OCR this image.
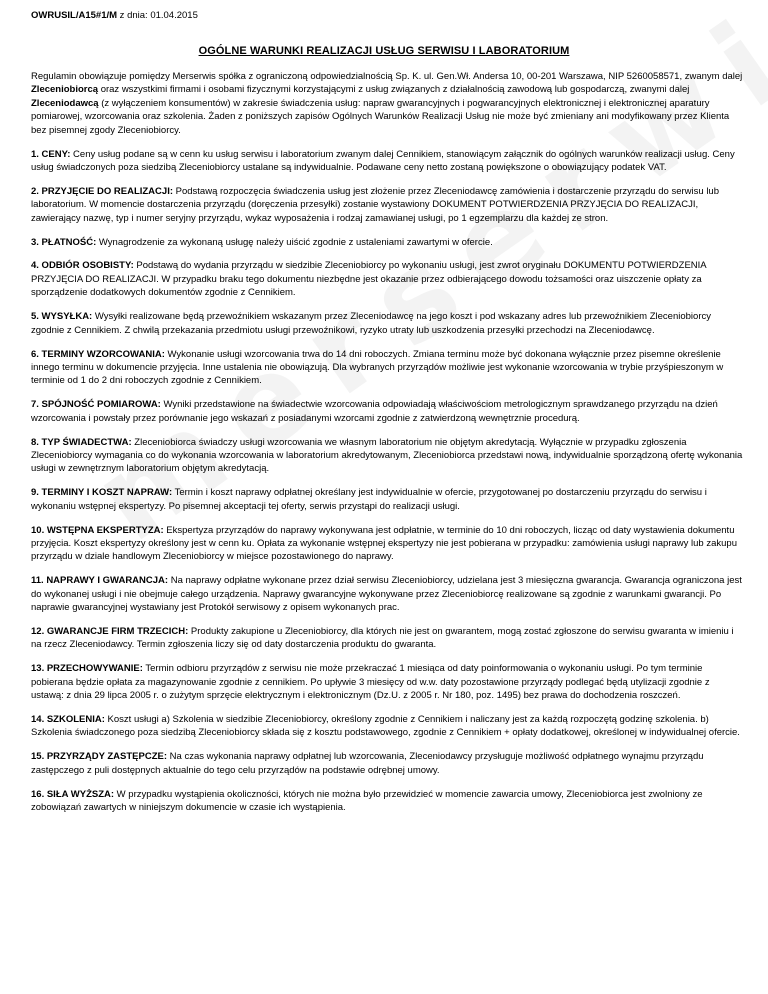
OWRUSIL/A15#1/M z dnia: 01.04.2015
OGÓLNE WARUNKI REALIZACJI USŁUG SERWISU I LABORATORIUM

Regulamin obowiązuje pomiędzy Merserwis spółka z ograniczoną odpowiedzialnością Sp. K. ul. Gen.Wł. Andersa 10, 00-201 Warszawa, NIP 5260058571, zwanym dalej Zleceniobiorcą oraz wszystkimi firmami i osobami fizycznymi korzystającymi z usług związanych z działalnością zawodową lub gospodarczą, zwanymi dalej Zleceniodawcą (z wyłączeniem konsumentów) w zakresie świadczenia usług: napraw gwarancyjnych i pogwarancyjnych elektronicznej i elektronicznej aparatury pomiarowej, wzorcowania oraz szkolenia. Żaden z poniższych zapisów Ogólnych Warunków Realizacji Usług nie może być zmieniany ani modyfikowany przez Klienta bez pisemnej zgody Zleceniobiorcy.

1. CENY: Ceny usług podane są w cenn ku usług serwisu i laboratorium zwanym dalej Cennikiem, stanowiącym załącznik do ogólnych warunków realizacji usług. Ceny usług świadczonych poza siedzibą Zleceniobiorcy ustalane są indywidualnie. Podawane ceny netto zostaną powiększone o obowiązujący podatek VAT.

2. PRZYJĘCIE DO REALIZACJI: Podstawą rozpoczęcia świadczenia usług jest złożenie przez Zleceniodawcę zamówienia i dostarczenie przyrządu do serwisu lub laboratorium. W momencie dostarczenia przyrządu (doręczenia przesyłki) zostanie wystawiony DOKUMENT POTWIERDZENIA PRZYJĘCIA DO REALIZACJI, zawierający nazwę, typ i numer seryjny przyrządu, wykaz wyposażenia i rodzaj zamawianej usługi, po 1 egzemplarzu dla każdej ze stron.

3. PŁATNOŚĆ: Wynagrodzenie za wykonaną usługę należy uiścić zgodnie z ustaleniami zawartymi w ofercie.

4. ODBIÓR OSOBISTY: Podstawą do wydania przyrządu w siedzibie Zleceniobiorcy po wykonaniu usługi, jest zwrot oryginału DOKUMENTU POTWIERDZENIA PRZYJĘCIA DO REALIZACJI. W przypadku braku tego dokumentu niezbędne jest okazanie przez odbierającego dowodu tożsamości oraz uiszczenie opłaty za sporządzenie dodatkowych dokumentów zgodnie z Cennikiem.

5. WYSYŁKA: Wysyłki realizowane będą przewoźnikiem wskazanym przez Zleceniodawcę na jego koszt i pod wskazany adres lub przewoźnikiem Zleceniobiorcy zgodnie z Cennikiem. Z chwilą przekazania przedmiotu usługi przewoźnikowi, ryzyko utraty lub uszkodzenia przesyłki przechodzi na Zleceniodawcę.

6. TERMINY WZORCOWANIA: Wykonanie usługi wzorcowania trwa do 14 dni roboczych. Zmiana terminu może być dokonana wyłącznie przez pisemne określenie innego terminu w dokumencie przyjęcia. Inne ustalenia nie obowiązują. Dla wybranych przyrządów możliwie jest wykonanie wzorcowania w trybie przyśpieszonym w terminie od 1 do 2 dni roboczych zgodnie z Cennikiem.

7. SPÓJNOŚĆ POMIAROWA: Wyniki przedstawione na świadectwie wzorcowania odpowiadają właściwościom metrologicznym sprawdzanego przyrządu na dzień wzorcowania i powstały przez porównanie jego wskazań z posiadanymi wzorcami zgodnie z zatwierdzoną wewnętrznie procedurą.

8. TYP ŚWIADECTWA: Zleceniobiorca świadczy usługi wzorcowania we własnym laboratorium nie objętym akredytacją. Wyłącznie w przypadku zgłoszenia Zleceniobiorcy wymagania co do wykonania wzorcowania w laboratorium akredytowanym, Zleceniobiorca przedstawi nową, indywidualnie sporządzoną ofertę wykonania usługi w zewnętrznym laboratorium objętym akredytacją.

9. TERMINY I KOSZT NAPRAW: Termin i koszt naprawy odpłatnej określany jest indywidualnie w ofercie, przygotowanej po dostarczeniu przyrządu do serwisu i wykonaniu wstępnej ekspertyzy. Po pisemnej akceptacji tej oferty, serwis przystąpi do realizacji usługi.

10. WSTĘPNA EKSPERTYZA: Ekspertyza przyrządów do naprawy wykonywana jest odpłatnie, w terminie do 10 dni roboczych, licząc od daty wystawienia dokumentu przyjęcia. Koszt ekspertyzy określony jest w cenn ku. Opłata za wykonanie wstępnej ekspertyzy nie jest pobierana w przypadku: zamówienia usługi naprawy lub zakupu przyrządu w dziale handlowym Zleceniobiorcy w miejsce pozostawionego do naprawy.

11. NAPRAWY I GWARANCJA: Na naprawy odpłatne wykonane przez dział serwisu Zleceniobiorcy, udzielana jest 3 miesięczna gwarancja. Gwarancja ograniczona jest do wykonanej usługi i nie obejmuje całego urządzenia. Naprawy gwarancyjne wykonywane przez Zleceniobiorcę realizowane są zgodnie z warunkami gwarancji. Po naprawie gwarancyjnej wystawiany jest Protokół serwisowy z opisem wykonanych prac.

12. GWARANCJE FIRM TRZECICH: Produkty zakupione u Zleceniobiorcy, dla których nie jest on gwarantem, mogą zostać zgłoszone do serwisu gwaranta w imieniu i na rzecz Zleceniodawcy. Termin zgłoszenia liczy się od daty dostarczenia produktu do gwaranta.

13. PRZECHOWYWANIE: Termin odbioru przyrządów z serwisu nie może przekraczać 1 miesiąca od daty poinformowania o wykonaniu usługi. Po tym terminie pobierana będzie opłata za magazynowanie zgodnie z cennikiem. Po upływie 3 miesięcy od w.w. daty pozostawione przyrządy podlegać będą utylizacji zgodnie z ustawą: z dnia 29 lipca 2005 r. o zużytym sprzęcie elektrycznym i elektronicznym (Dz.U. z 2005 r. Nr 180, poz. 1495) bez prawa do dochodzenia roszczeń.

14. SZKOLENIA: Koszt usługi a) Szkolenia w siedzibie Zleceniobiorcy, określony zgodnie z Cennikiem i naliczany jest za każdą rozpoczętą godzinę szkolenia. b) Szkolenia świadczonego poza siedzibą Zleceniobiorcy składa się z kosztu podstawowego, zgodnie z Cennikiem + opłaty dodatkowej, określonej w indywidualnej ofercie.

15. PRZYRZĄDY ZASTĘPCZE: Na czas wykonania naprawy odpłatnej lub wzorcowania, Zleceniodawcy przysługuje możliwość odpłatnego wynajmu przyrządu zastępczego z puli dostępnych aktualnie do tego celu przyrządów na podstawie odrębnej umowy.

16. SIŁA WYŻSZA: W przypadku wystąpienia okoliczności, których nie można było przewidzieć w momencie zawarcia umowy, Zleceniobiorca jest zwolniony ze zobowiązań zawartych w niniejszym dokumencie w czasie ich wystąpienia.
